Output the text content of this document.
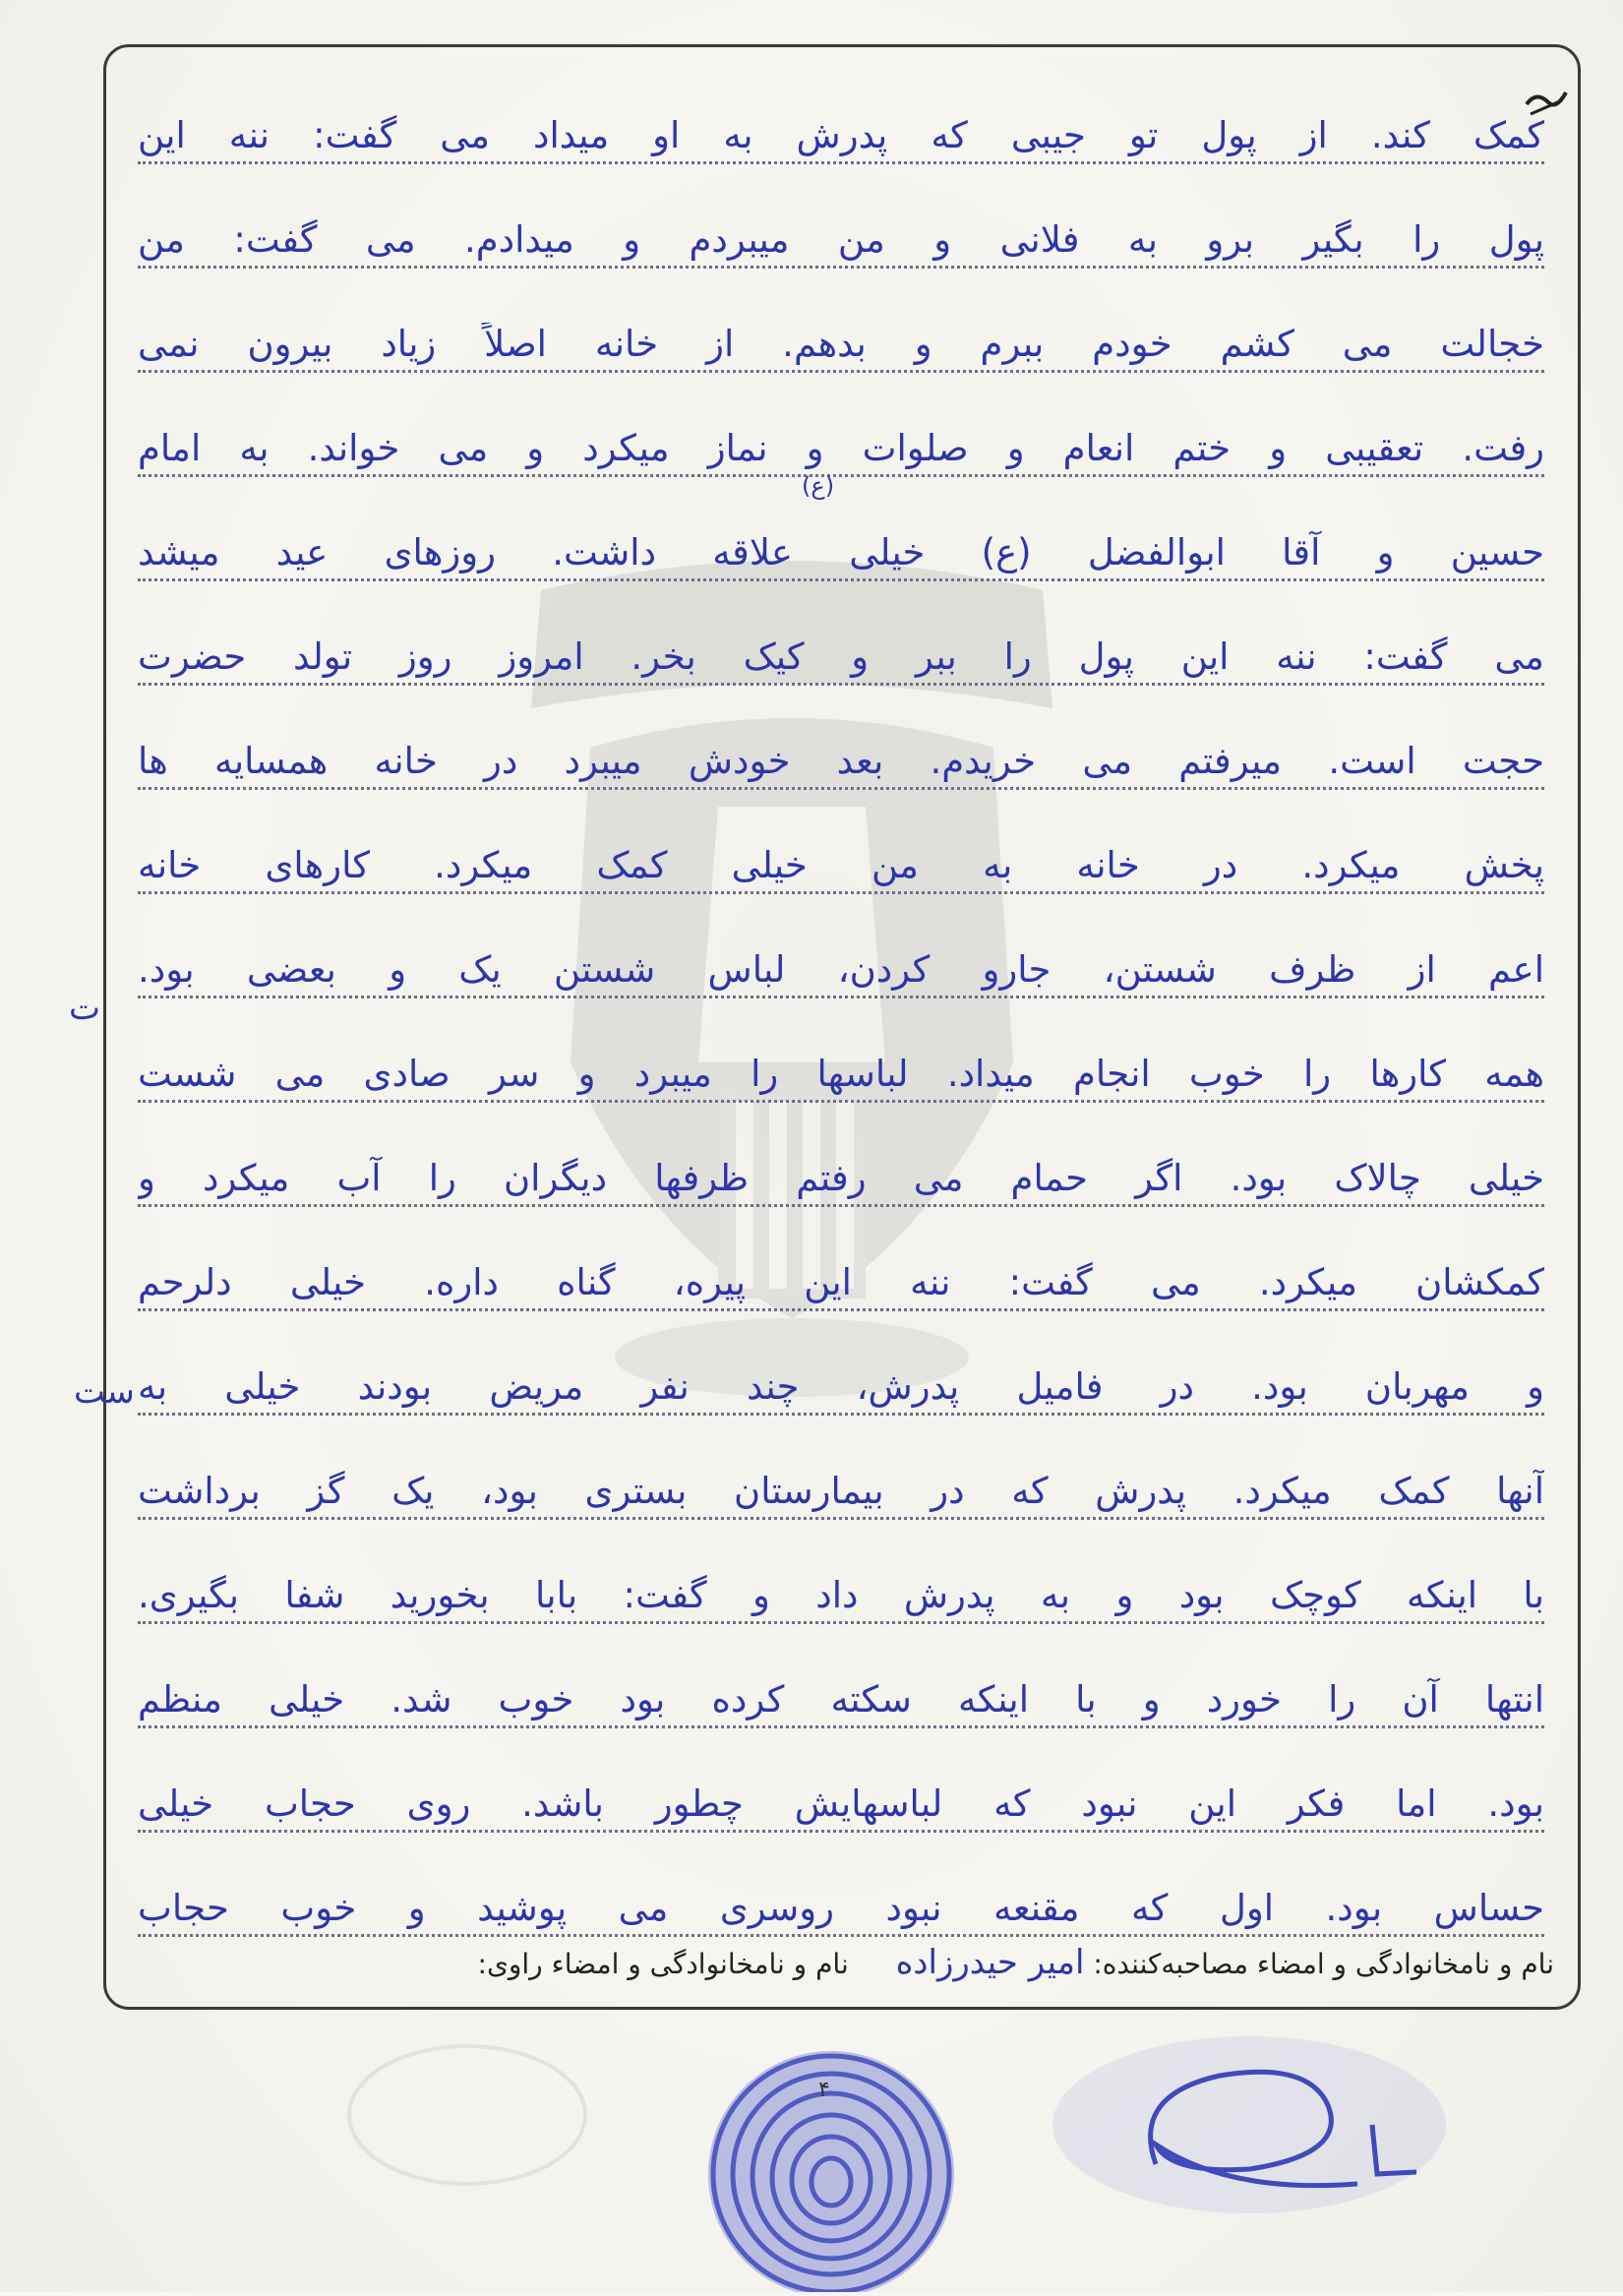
کمک کند. از پول تو جیبی که پدرش به او میداد می گفت: ننه این
پول را بگیر برو به فلانی و من میبردم و میدادم. می گفت: من
خجالت می کشم خودم ببرم و بدهم. از خانه اصلاً زیاد بیرون نمی
رفت. تعقیبی و ختم انعام و صلوات و نماز میکرد و می خواند. به امام
حسین و آقا ابوالفضل (ع) خیلی علاقه داشت. روزهای عید میشد
می گفت: ننه این پول را ببر و کیک بخر. امروز روز تولد حضرت
حجت است. میرفتم می خریدم. بعد خودش میبرد در خانه همسایه ها
پخش میکرد. در خانه به من خیلی کمک میکرد. کارهای خانه
اعم از ظرف شستن، جارو کردن، لباس شستن یک و بعضی بود.
همه کارها را خوب انجام میداد. لباسها را میبرد و سر صادی می شست
خیلی چالاک بود. اگر حمام می رفتم ظرفها دیگران را آب میکرد و
کمکشان میکرد. می گفت: ننه این پیره، گناه داره. خیلی دلرحم
و مهربان بود. در فامیل پدرش، چند نفر مریض بودند خیلی به
آنها کمک میکرد. پدرش که در بیمارستان بستری بود، یک گز برداشت
با اینکه کوچک بود و به پدرش داد و گفت: بابا بخورید شفا بگیری.
انتها آن را خورد و با اینکه سکته کرده بود خوب شد. خیلی منظم
بود. اما فکر این نبود که لباسهایش چطور باشد. روی حجاب خیلی
حساس بود. اول که مقنعه نبود روسری می پوشید و خوب حجاب
(ع)
ت
ست
نام و نامخانوادگی و امضاء مصاحبه‌کننده: امیر حیدرزاده  نام و نامخانوادگی و امضاء راوی:
۴
